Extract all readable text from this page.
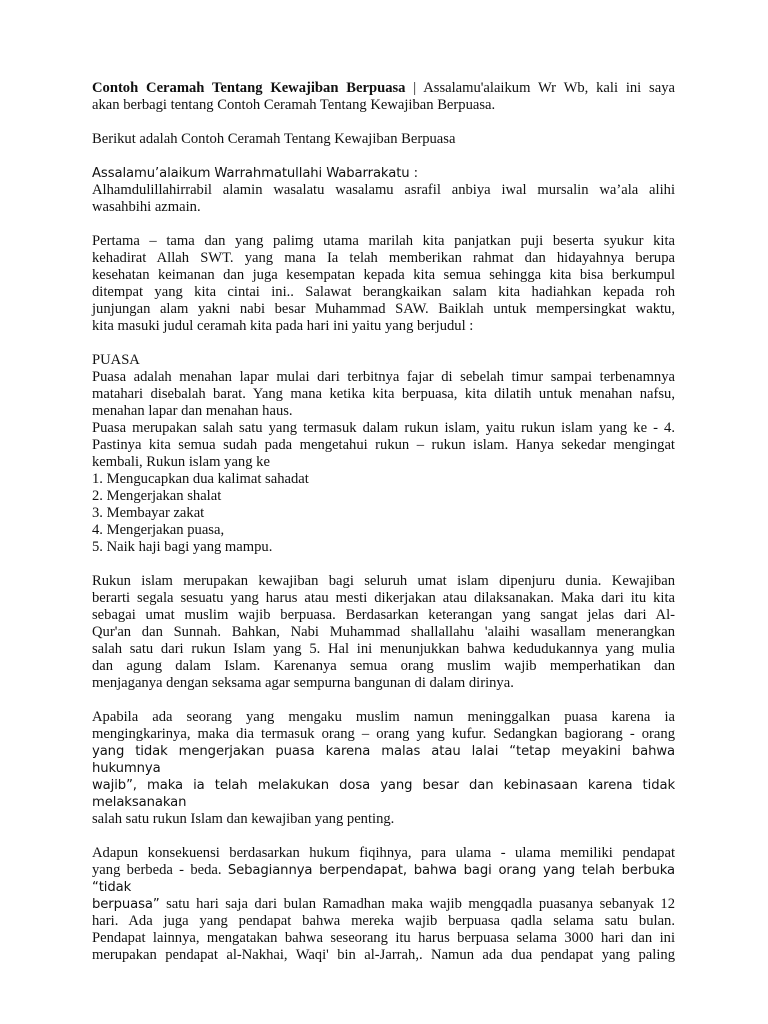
Contoh Ceramah Tentang Kewajiban Berpuasa | Assalamu'alaikum Wr Wb, kali ini saya
akan berbagi tentang Contoh Ceramah Tentang Kewajiban Berpuasa.

Berikut adalah Contoh Ceramah Tentang Kewajiban Berpuasa

Assalamu’alaikum Warrahmatullahi Wabarrakatu :
Alhamdulillahirrabil alamin wasalatu wasalamu asrafil anbiya iwal mursalin wa’ala alihi
wasahbihi azmain.

Pertama – tama dan yang palimg utama marilah kita panjatkan puji beserta syukur kita
kehadirat Allah SWT. yang mana Ia telah memberikan rahmat dan hidayahnya berupa
kesehatan keimanan dan juga kesempatan kepada kita semua sehingga kita bisa berkumpul
ditempat yang kita cintai ini.. Salawat berangkaikan salam kita hadiahkan kepada roh
junjungan alam yakni nabi besar Muhammad SAW. Baiklah untuk mempersingkat waktu,
kita masuki judul ceramah kita pada hari ini yaitu yang berjudul :

PUASA
Puasa adalah menahan lapar mulai dari terbitnya fajar di sebelah timur sampai terbenamnya
matahari disebalah barat. Yang mana ketika kita berpuasa, kita dilatih untuk menahan nafsu,
menahan lapar dan menahan haus.
Puasa merupakan salah satu yang termasuk dalam rukun islam, yaitu rukun islam yang ke - 4.
Pastinya kita semua sudah pada mengetahui rukun – rukun islam. Hanya sekedar mengingat
kembali, Rukun islam yang ke
1. Mengucapkan dua kalimat sahadat
2. Mengerjakan shalat
3. Membayar zakat
4. Mengerjakan puasa,
5. Naik haji bagi yang mampu.

Rukun islam merupakan kewajiban bagi seluruh umat islam dipenjuru dunia. Kewajiban
berarti segala sesuatu yang harus atau mesti dikerjakan atau dilaksanakan. Maka dari itu kita
sebagai umat muslim wajib berpuasa. Berdasarkan keterangan yang sangat jelas dari Al-
Qur'an dan Sunnah. Bahkan, Nabi Muhammad shallallahu 'alaihi wasallam menerangkan
salah satu dari rukun Islam yang 5. Hal ini menunjukkan bahwa kedudukannya yang mulia
dan agung dalam Islam. Karenanya semua orang muslim wajib memperhatikan dan
menjaganya dengan seksama agar sempurna bangunan di dalam dirinya.

Apabila ada seorang yang mengaku muslim namun meninggalkan puasa karena ia
mengingkarinya, maka dia termasuk orang – orang yang kufur. Sedangkan bagiorang - orang
yang tidak mengerjakan puasa karena malas atau lalai “tetap meyakini bahwa hukumnya
wajib”, maka ia telah melakukan dosa yang besar dan kebinasaan karena tidak melaksanakan
salah satu rukun Islam dan kewajiban yang penting.

Adapun konsekuensi berdasarkan hukum fiqihnya, para ulama - ulama memiliki pendapat
yang berbeda - beda. Sebagiannya berpendapat, bahwa bagi orang yang telah berbuka “tidak
berpuasa” satu hari saja dari bulan Ramadhan maka wajib mengqadla puasanya sebanyak 12
hari. Ada juga yang pendapat bahwa mereka wajib berpuasa qadla selama satu bulan.
Pendapat lainnya, mengatakan bahwa seseorang itu harus berpuasa selama 3000 hari dan ini
merupakan pendapat al-Nakhai, Waqi' bin al-Jarrah,. Namun ada dua pendapat yang paling
